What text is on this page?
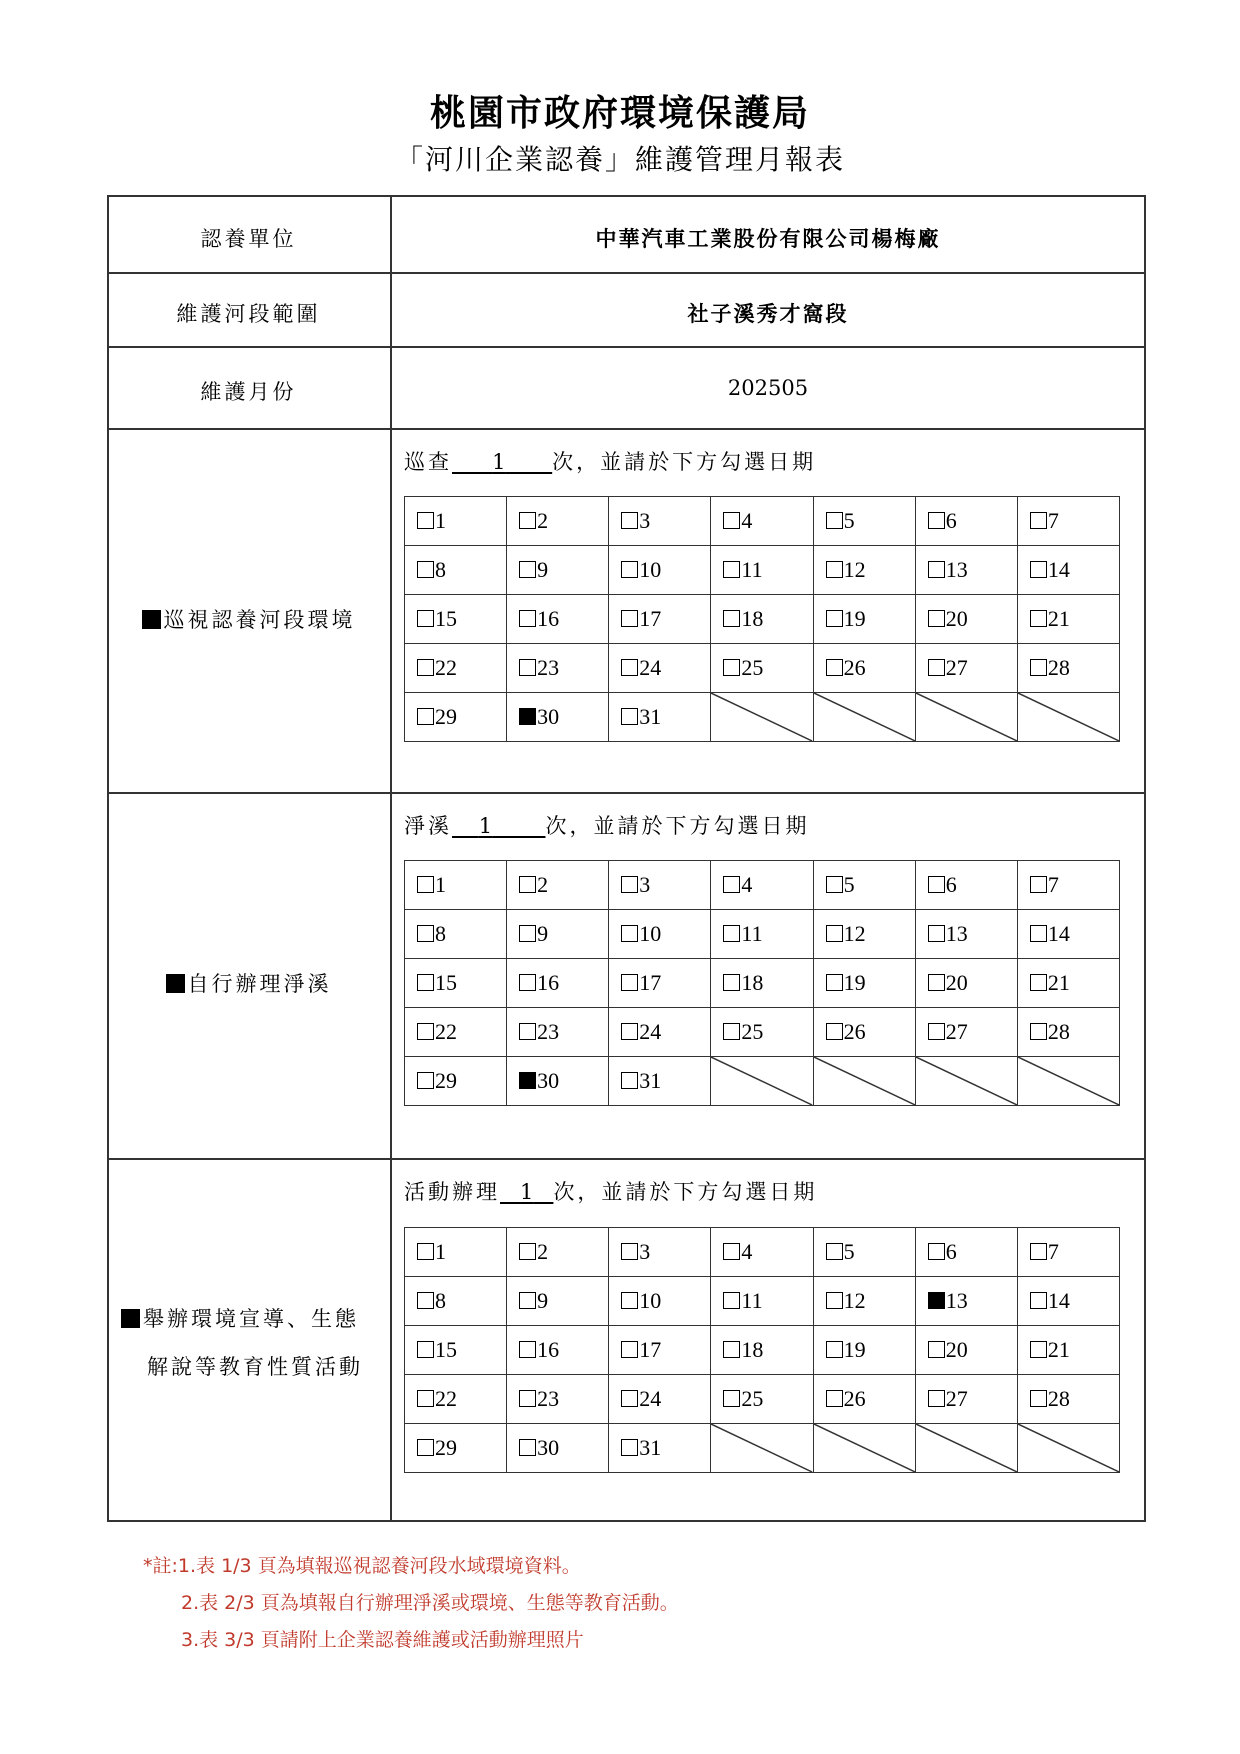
桃園市政府環境保護局
「河川企業認養」維護管理月報表
認養單位	中華汽車工業股份有限公司楊梅廠
維護河段範圍	社子溪秀才窩段
維護月份	202505
巡視認養河段環境
巡查 1 次，並請於下方勾選日期
1	2	3	4	5	6	7
8	9	10	11	12	13	14
15	16	17	18	19	20	21
22	23	24	25	26	27	28
29	30	31	

自行辦理淨溪
淨溪 1	次，並請於下方勾選日期
1	2	3	4	5	6	7
8	9	10	11	12	13	14
15	16	17	18	19	20	21
22	23	24	25	26	27	28
29	30	31	

舉辦環境宣導、生態
解說等教育性質活動
活動辦理 1 次，並請於下方勾選日期
1	2	3	4	5	6	7
8	9	10	11	12	13	14
15	16	17	18	19	20	21
22	23	24	25	26	27	28
29	30	31	

*註:1.表 1/3 頁為填報巡視認養河段水域環境資料。
2.表 2/3 頁為填報自行辦理淨溪或環境、生態等教育活動。
3.表 3/3 頁請附上企業認養維護或活動辦理照片
